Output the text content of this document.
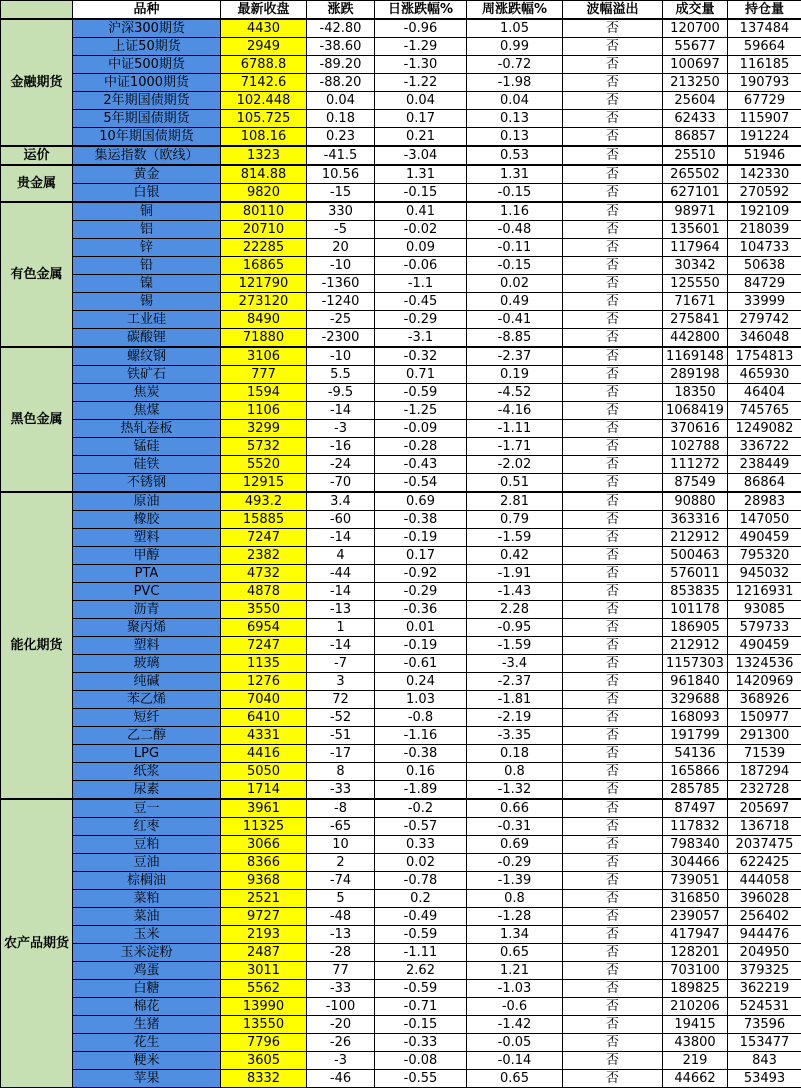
	品种	最新收盘	涨跌	日涨跌幅%	周涨跌幅%	波幅溢出	成交量	持仓量
金融期货	沪深300期货	4430	-42.80	-0.96	1.05	否	120700	137484
	上证50期货	2949	-38.60	-1.29	0.99	否	55677	59664
	中证500期货	6788.8	-89.20	-1.30	-0.72	否	100697	116185
	中证1000期货	7142.6	-88.20	-1.22	-1.98	否	213250	190793
	2年期国债期货	102.448	0.04	0.04	0.04	否	25604	67729
	5年期国债期货	105.725	0.18	0.17	0.13	否	62433	115907
	10年期国债期货	108.16	0.23	0.21	0.13	否	86857	191224
运价	集运指数（欧线）	1323	-41.5	-3.04	0.53	否	25510	51946
贵金属	黄金	814.88	10.56	1.31	1.31	否	265502	142330
	白银	9820	-15	-0.15	-0.15	否	627101	270592
有色金属	铜	80110	330	0.41	1.16	否	98971	192109
	铝	20710	-5	-0.02	-0.48	否	135601	218039
	锌	22285	20	0.09	-0.11	否	117964	104733
	铅	16865	-10	-0.06	-0.15	否	30342	50638
	镍	121790	-1360	-1.1	0.02	否	125550	84729
	锡	273120	-1240	-0.45	0.49	否	71671	33999
	工业硅	8490	-25	-0.29	-0.41	否	275841	279742
	碳酸锂	71880	-2300	-3.1	-8.85	否	442800	346048
黑色金属	螺纹钢	3106	-10	-0.32	-2.37	否	1169148	1754813
	铁矿石	777	5.5	0.71	0.19	否	289198	465930
	焦炭	1594	-9.5	-0.59	-4.52	否	18350	46404
	焦煤	1106	-14	-1.25	-4.16	否	1068419	745765
	热轧卷板	3299	-3	-0.09	-1.11	否	370616	1249082
	锰硅	5732	-16	-0.28	-1.71	否	102788	336722
	硅铁	5520	-24	-0.43	-2.02	否	111272	238449
	不锈钢	12915	-70	-0.54	0.51	否	87549	86864
能化期货	原油	493.2	3.4	0.69	2.81	否	90880	28983
	橡胶	15885	-60	-0.38	0.79	否	363316	147050
	塑料	7247	-14	-0.19	-1.59	否	212912	490459
	甲醇	2382	4	0.17	0.42	否	500463	795320
	PTA	4732	-44	-0.92	-1.91	否	576011	945032
	PVC	4878	-14	-0.29	-1.43	否	853835	1216931
	沥青	3550	-13	-0.36	2.28	否	101178	93085
	聚丙烯	6954	1	0.01	-0.95	否	186905	579733
	塑料	7247	-14	-0.19	-1.59	否	212912	490459
	玻璃	1135	-7	-0.61	-3.4	否	1157303	1324536
	纯碱	1276	3	0.24	-2.37	否	961840	1420969
	苯乙烯	7040	72	1.03	-1.81	否	329688	368926
	短纤	6410	-52	-0.8	-2.19	否	168093	150977
	乙二醇	4331	-51	-1.16	-3.35	否	191799	291300
	LPG	4416	-17	-0.38	0.18	否	54136	71539
	纸浆	5050	8	0.16	0.8	否	165866	187294
	尿素	1714	-33	-1.89	-1.32	否	285785	232728
农产品期货	豆一	3961	-8	-0.2	0.66	否	87497	205697
	红枣	11325	-65	-0.57	-0.31	否	117832	136718
	豆粕	3066	10	0.33	0.69	否	798340	2037475
	豆油	8366	2	0.02	-0.29	否	304466	622425
	棕榈油	9368	-74	-0.78	-1.39	否	739051	444058
	菜粕	2521	5	0.2	0.8	否	316850	396028
	菜油	9727	-48	-0.49	-1.28	否	239057	256402
	玉米	2193	-13	-0.59	1.34	否	417947	944476
	玉米淀粉	2487	-28	-1.11	0.65	否	128201	204950
	鸡蛋	3011	77	2.62	1.21	否	703100	379325
	白糖	5562	-33	-0.59	-1.03	否	189825	362219
	棉花	13990	-100	-0.71	-0.6	否	210206	524531
	生猪	13550	-20	-0.15	-1.42	否	19415	73596
	花生	7796	-26	-0.33	-0.05	否	43800	153477
	粳米	3605	-3	-0.08	-0.14	否	219	843
	苹果	8332	-46	-0.55	0.65	否	44662	53493
